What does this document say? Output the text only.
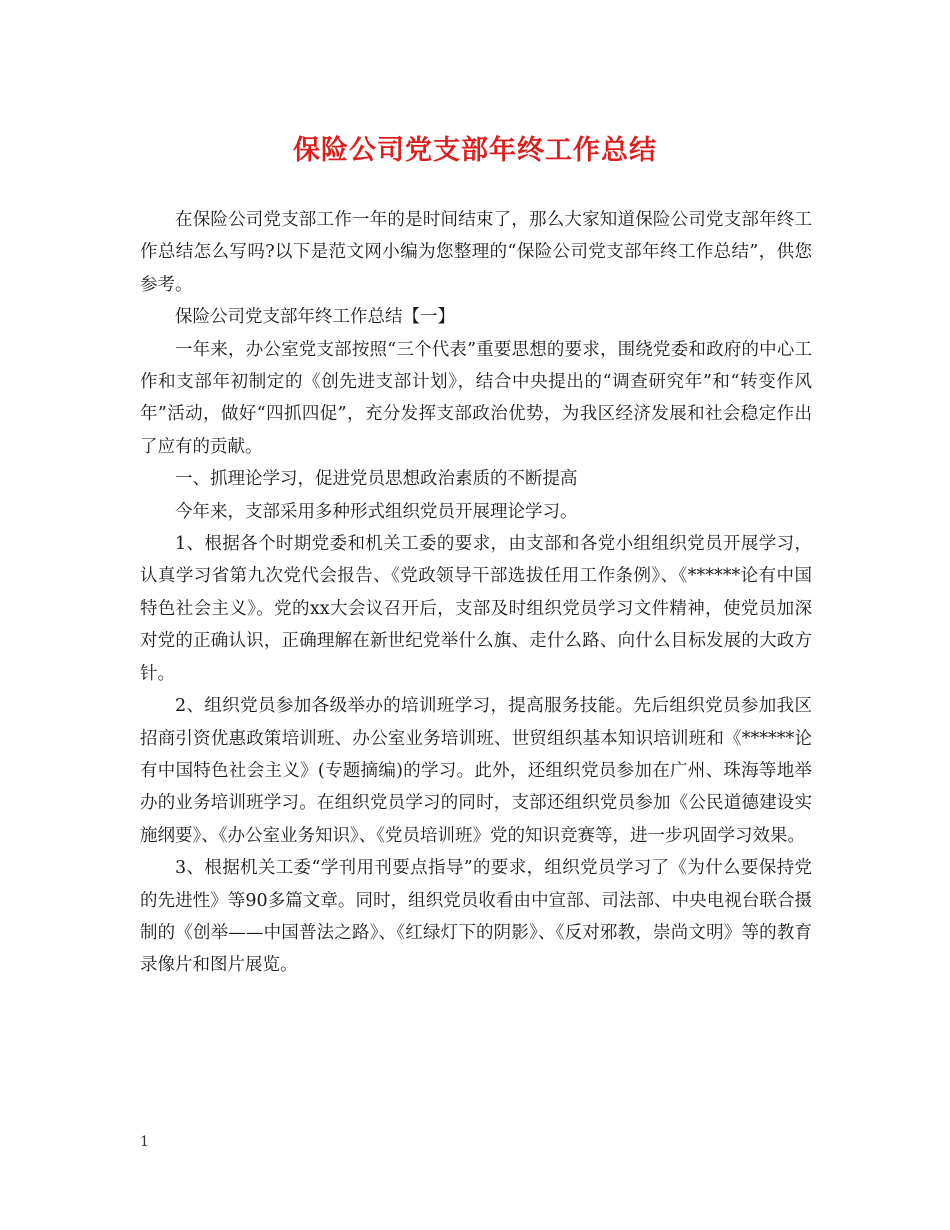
保险公司党支部年终工作总结

在保险公司党支部工作一年的是时间结束了，那么大家知道保险公司党支部年终工作总结怎么写吗?以下是范文网小编为您整理的“保险公司党支部年终工作总结”，供您参考。

保险公司党支部年终工作总结【一】

一年来，办公室党支部按照“三个代表”重要思想的要求，围绕党委和政府的中心工作和支部年初制定的《创先进支部计划》，结合中央提出的“调查研究年”和“转变作风年”活动，做好“四抓四促”，充分发挥支部政治优势，为我区经济发展和社会稳定作出了应有的贡献。

一、抓理论学习，促进党员思想政治素质的不断提高

今年来，支部采用多种形式组织党员开展理论学习。

1、根据各个时期党委和机关工委的要求，由支部和各党小组组织党员开展学习，认真学习省第九次党代会报告、《党政领导干部选拔任用工作条例》、《******论有中国特色社会主义》。党的xx大会议召开后，支部及时组织党员学习文件精神，使党员加深对党的正确认识，正确理解在新世纪党举什么旗、走什么路、向什么目标发展的大政方针。

2、组织党员参加各级举办的培训班学习，提高服务技能。先后组织党员参加我区招商引资优惠政策培训班、办公室业务培训班、世贸组织基本知识培训班和《******论有中国特色社会主义》(专题摘编)的学习。此外，还组织党员参加在广州、珠海等地举办的业务培训班学习。在组织党员学习的同时，支部还组织党员参加《公民道德建设实施纲要》、《办公室业务知识》、《党员培训班》党的知识竞赛等，进一步巩固学习效果。

3、根据机关工委“学刊用刊要点指导”的要求，组织党员学习了《为什么要保持党的先进性》等90多篇文章。同时，组织党员收看由中宣部、司法部、中央电视台联合摄制的《创举——中国普法之路》、《红绿灯下的阴影》、《反对邪教，崇尚文明》等的教育录像片和图片展览。

1
